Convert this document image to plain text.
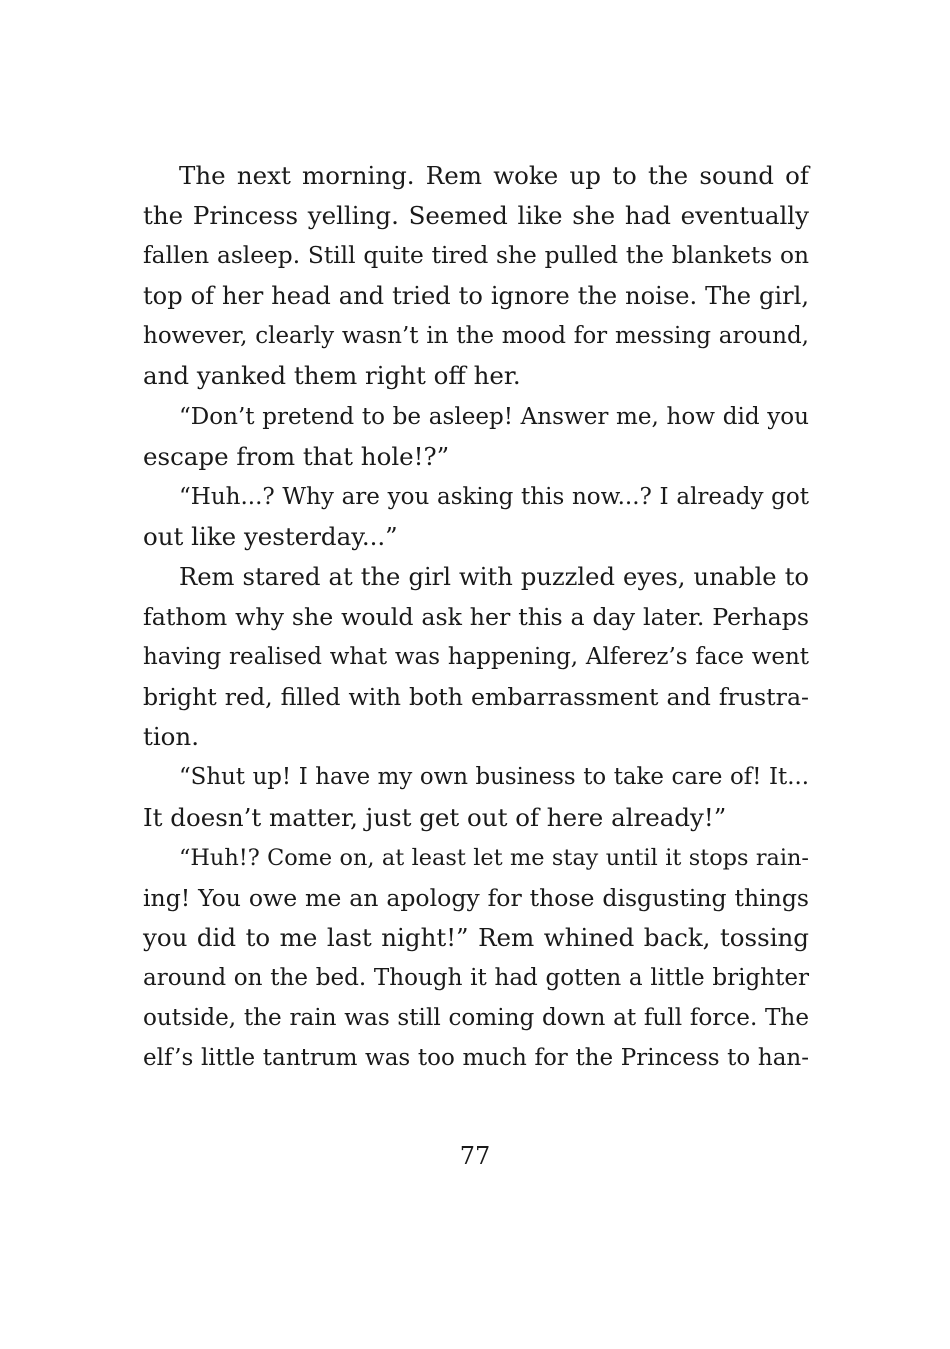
The next morning. Rem woke up to the sound of
the Princess yelling. Seemed like she had eventually
fallen asleep. Still quite tired she pulled the blankets on
top of her head and tried to ignore the noise. The girl,
however, clearly wasn’t in the mood for messing around,
and yanked them right off her.
“Don’t pretend to be asleep! Answer me, how did you
escape from that hole!?”
“Huh...? Why are you asking this now...? I already got
out like yesterday...”
Rem stared at the girl with puzzled eyes, unable to
fathom why she would ask her this a day later. Perhaps
having realised what was happening, Alferez’s face went
bright red, filled with both embarrassment and frustra-
tion.
“Shut up! I have my own business to take care of! It...
It doesn’t matter, just get out of here already!”
“Huh!? Come on, at least let me stay until it stops rain-
ing! You owe me an apology for those disgusting things
you did to me last night!” Rem whined back, tossing
around on the bed. Though it had gotten a little brighter
outside, the rain was still coming down at full force. The
elf’s little tantrum was too much for the Princess to han-
77
